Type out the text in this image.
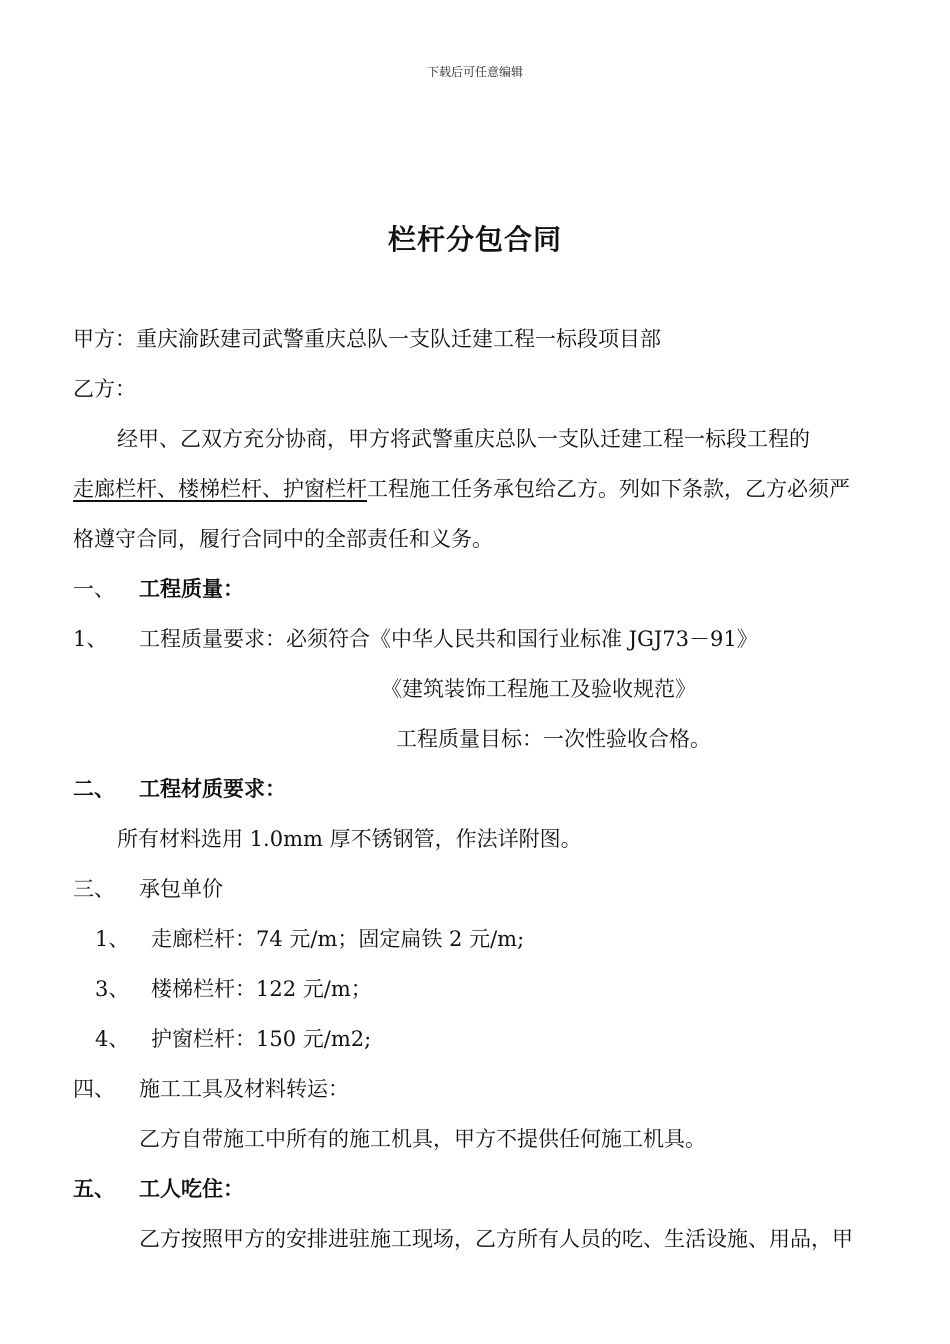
下载后可任意编辑
栏杆分包合同
甲方：重庆渝跃建司武警重庆总队一支队迁建工程一标段项目部
乙方：
经甲、乙双方充分协商，甲方将武警重庆总队一支队迁建工程一标段工程的
走廊栏杆、楼梯栏杆、护窗栏杆工程施工任务承包给乙方。列如下条款，乙方必须严
格遵守合同，履行合同中的全部责任和义务。
一、 工程质量：
1、 工程质量要求：必须符合《中华人民共和国行业标准 JGJ73－91》
《建筑装饰工程施工及验收规范》
工程质量目标：一次性验收合格。
二、 工程材质要求：
所有材料选用 1.0mm 厚不锈钢管，作法详附图。
三、 承包单价
1、 走廊栏杆：74 元/m；固定扁铁 2 元/m;
3、 楼梯栏杆：122 元/m；
4、 护窗栏杆：150 元/m2;
四、 施工工具及材料转运：
乙方自带施工中所有的施工机具，甲方不提供任何施工机具。
五、 工人吃住：
乙方按照甲方的安排进驻施工现场，乙方所有人员的吃、生活设施、用品，甲
